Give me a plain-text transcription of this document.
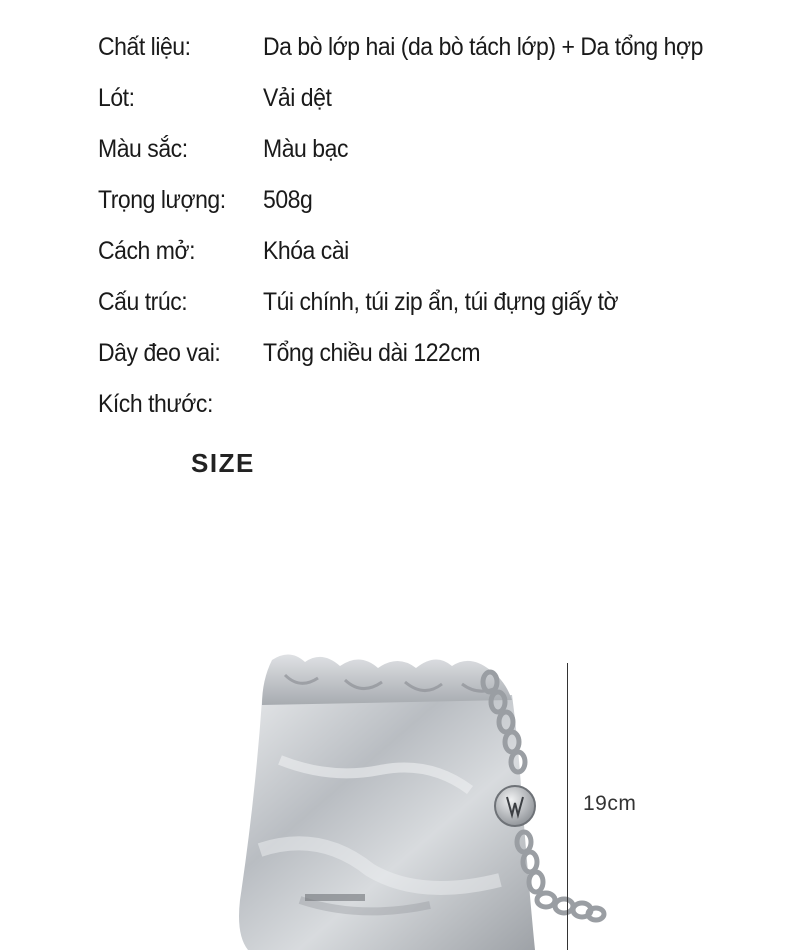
Chất liệu:	Da bò lớp hai (da bò tách lớp) + Da tổng hợp
Lót:	Vải dệt
Màu sắc:	Màu bạc
Trọng lượng:	508g
Cách mở:	Khóa cài
Cấu trúc:	Túi chính, túi zip ẩn, túi đựng giấy tờ
Dây đeo vai:	Tổng chiều dài 122cm
Kích thước:
SIZE
19cm
